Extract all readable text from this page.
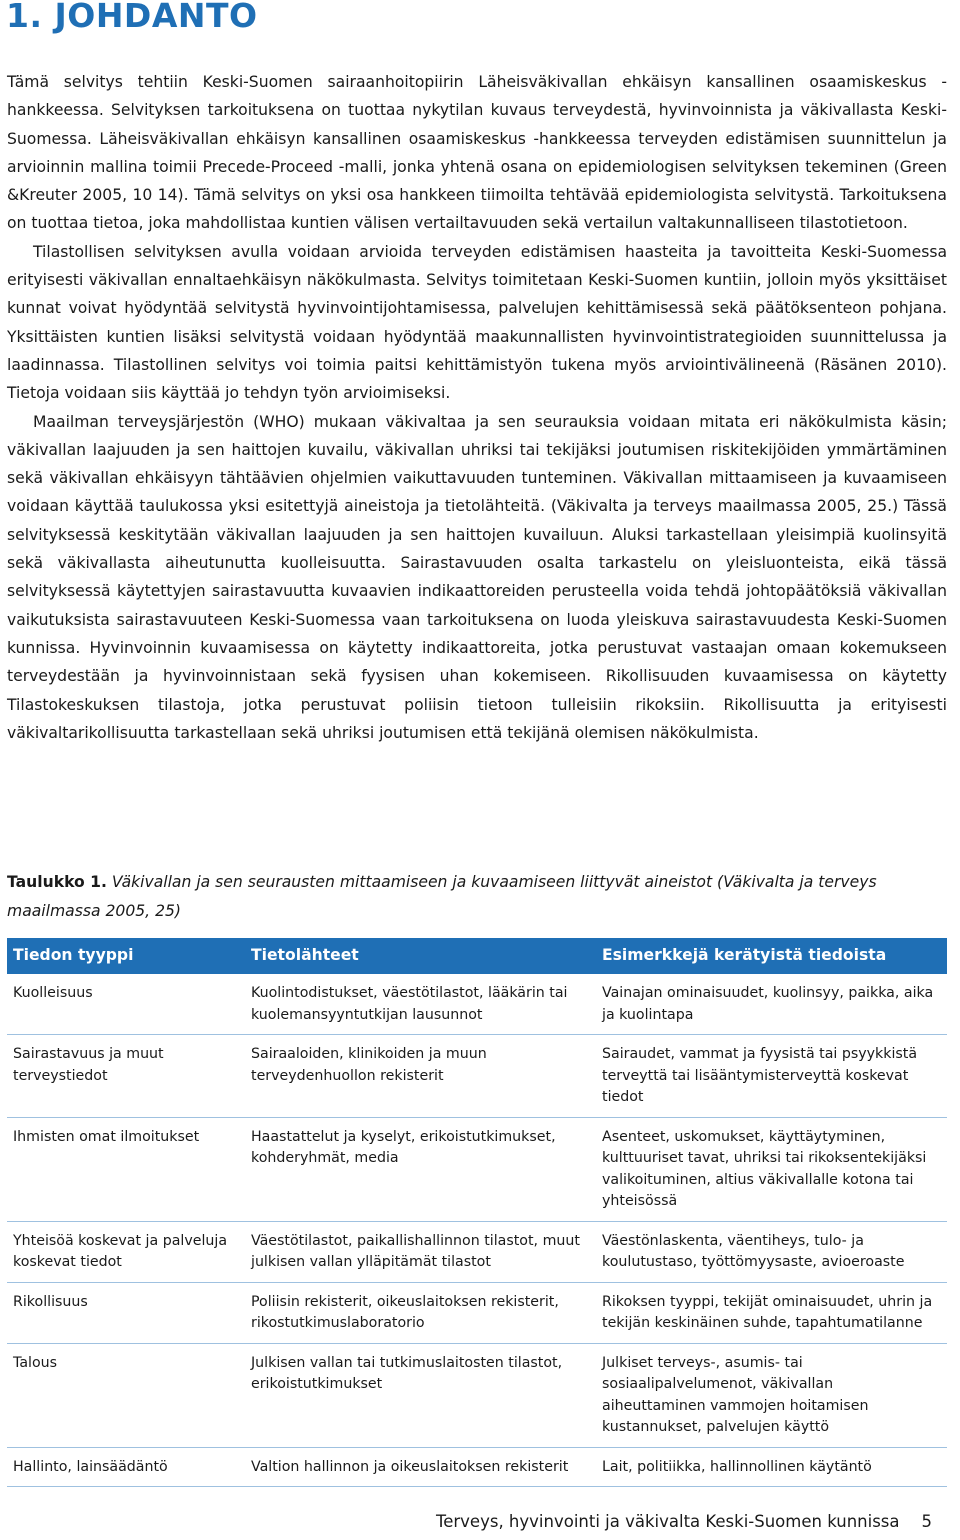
1. JOHDANTO

Tämä selvitys tehtiin Keski-Suomen sairaanhoitopiirin Läheisväkivallan ehkäisyn kansallinen osaamiskeskus -hankkeessa. Selvityksen tarkoituksena on tuottaa nykytilan kuvaus terveydestä, hyvinvoinnista ja väkivallasta Keski-Suomessa. Läheisväkivallan ehkäisyn kansallinen osaamiskeskus -hankkeessa terveyden edistämisen suunnittelun ja arvioinnin mallina toimii Precede-Proceed -malli, jonka yhtenä osana on epidemiologisen selvityksen tekeminen (Green &Kreuter 2005, 10 14). Tämä selvitys on yksi osa hankkeen tiimoilta tehtävää epidemiologista selvitystä. Tarkoituksena on tuottaa tietoa, joka mahdollistaa kuntien välisen vertailtavuuden sekä vertailun valtakunnalliseen tilastotietoon.

Tilastollisen selvityksen avulla voidaan arvioida terveyden edistämisen haasteita ja tavoitteita Keski-Suomessa erityisesti väkivallan ennaltaehkäisyn näkökulmasta. Selvitys toimitetaan Keski-Suomen kuntiin, jolloin myös yksittäiset kunnat voivat hyödyntää selvitystä hyvinvointijohtamisessa, palvelujen kehittämisessä sekä päätöksenteon pohjana. Yksittäisten kuntien lisäksi selvitystä voidaan hyödyntää maakunnallisten hyvinvointistrategioiden suunnittelussa ja laadinnassa. Tilastollinen selvitys voi toimia paitsi kehittämistyön tukena myös arviointivälineenä (Räsänen 2010). Tietoja voidaan siis käyttää jo tehdyn työn arvioimiseksi.

Maailman terveysjärjestön (WHO) mukaan väkivaltaa ja sen seurauksia voidaan mitata eri näkökulmista käsin; väkivallan laajuuden ja sen haittojen kuvailu, väkivallan uhriksi tai tekijäksi joutumisen riskitekijöiden ymmärtäminen sekä väkivallan ehkäisyyn tähtäävien ohjelmien vaikuttavuuden tunteminen. Väkivallan mittaamiseen ja kuvaamiseen voidaan käyttää taulukossa yksi esitettyjä aineistoja ja tietolähteitä. (Väkivalta ja terveys maailmassa 2005, 25.) Tässä selvityksessä keskitytään väkivallan laajuuden ja sen haittojen kuvailuun. Aluksi tarkastellaan yleisimpiä kuolinsyitä sekä väkivallasta aiheutunutta kuolleisuutta. Sairastavuuden osalta tarkastelu on yleisluonteista, eikä tässä selvityksessä käytettyjen sairastavuutta kuvaavien indikaattoreiden perusteella voida tehdä johtopäätöksiä väkivallan vaikutuksista sairastavuuteen Keski-Suomessa vaan tarkoituksena on luoda yleiskuva sairastavuudesta Keski-Suomen kunnissa. Hyvinvoinnin kuvaamisessa on käytetty indikaattoreita, jotka perustuvat vastaajan omaan kokemukseen terveydestään ja hyvinvoinnistaan sekä fyysisen uhan kokemiseen. Rikollisuuden kuvaamisessa on käytetty Tilastokeskuksen tilastoja, jotka perustuvat poliisin tietoon tulleisiin rikoksiin. Rikollisuutta ja erityisesti väkivaltarikollisuutta tarkastellaan sekä uhriksi joutumisen että tekijänä olemisen näkökulmista.

Taulukko 1. Väkivallan ja sen seurausten mittaamiseen ja kuvaamiseen liittyvät aineistot (Väkivalta ja terveys maailmassa 2005, 25)
Tiedon tyyppi	Tietolähteet	Esimerkkejä kerätyistä tiedoista
Kuolleisuus	Kuolintodistukset, väestötilastot, lääkärin tai kuolemansyyntutkijan lausunnot	Vainajan ominaisuudet, kuolinsyy, paikka, aika ja kuolintapa
Sairastavuus ja muut terveystiedot	Sairaaloiden, klinikoiden ja muun terveydenhuollon rekisterit	Sairaudet, vammat ja fyysistä tai psyykkistä terveyttä tai lisääntymisterveyttä koskevat tiedot
Ihmisten omat ilmoitukset	Haastattelut ja kyselyt, erikoistutkimukset, kohderyhmät, media	Asenteet, uskomukset, käyttäytyminen, kulttuuriset tavat, uhriksi tai rikoksentekijäksi valikoituminen, altius väkivallalle kotona tai yhteisössä
Yhteisöä koskevat ja palveluja koskevat tiedot	Väestötilastot, paikallishallinnon tilastot, muut julkisen vallan ylläpitämät tilastot	Väestönlaskenta, väentiheys, tulo- ja koulutustaso, työttömyysaste, avioeroaste
Rikollisuus	Poliisin rekisterit, oikeuslaitoksen rekisterit, rikostutkimuslaboratorio	Rikoksen tyyppi, tekijät ominaisuudet, uhrin ja tekijän keskinäinen suhde, tapahtumatilanne
Talous	Julkisen vallan tai tutkimuslaitosten tilastot, erikoistutkimukset	Julkiset terveys-, asumis- tai sosiaalipalvelumenot, väkivallan aiheuttaminen vammojen hoitamisen kustannukset, palvelujen käyttö
Hallinto, lainsäädäntö	Valtion hallinnon ja oikeuslaitoksen rekisterit	Lait, politiikka, hallinnollinen käytäntö
Terveys, hyvinvointi ja väkivalta Keski-Suomen kunnissa 5
